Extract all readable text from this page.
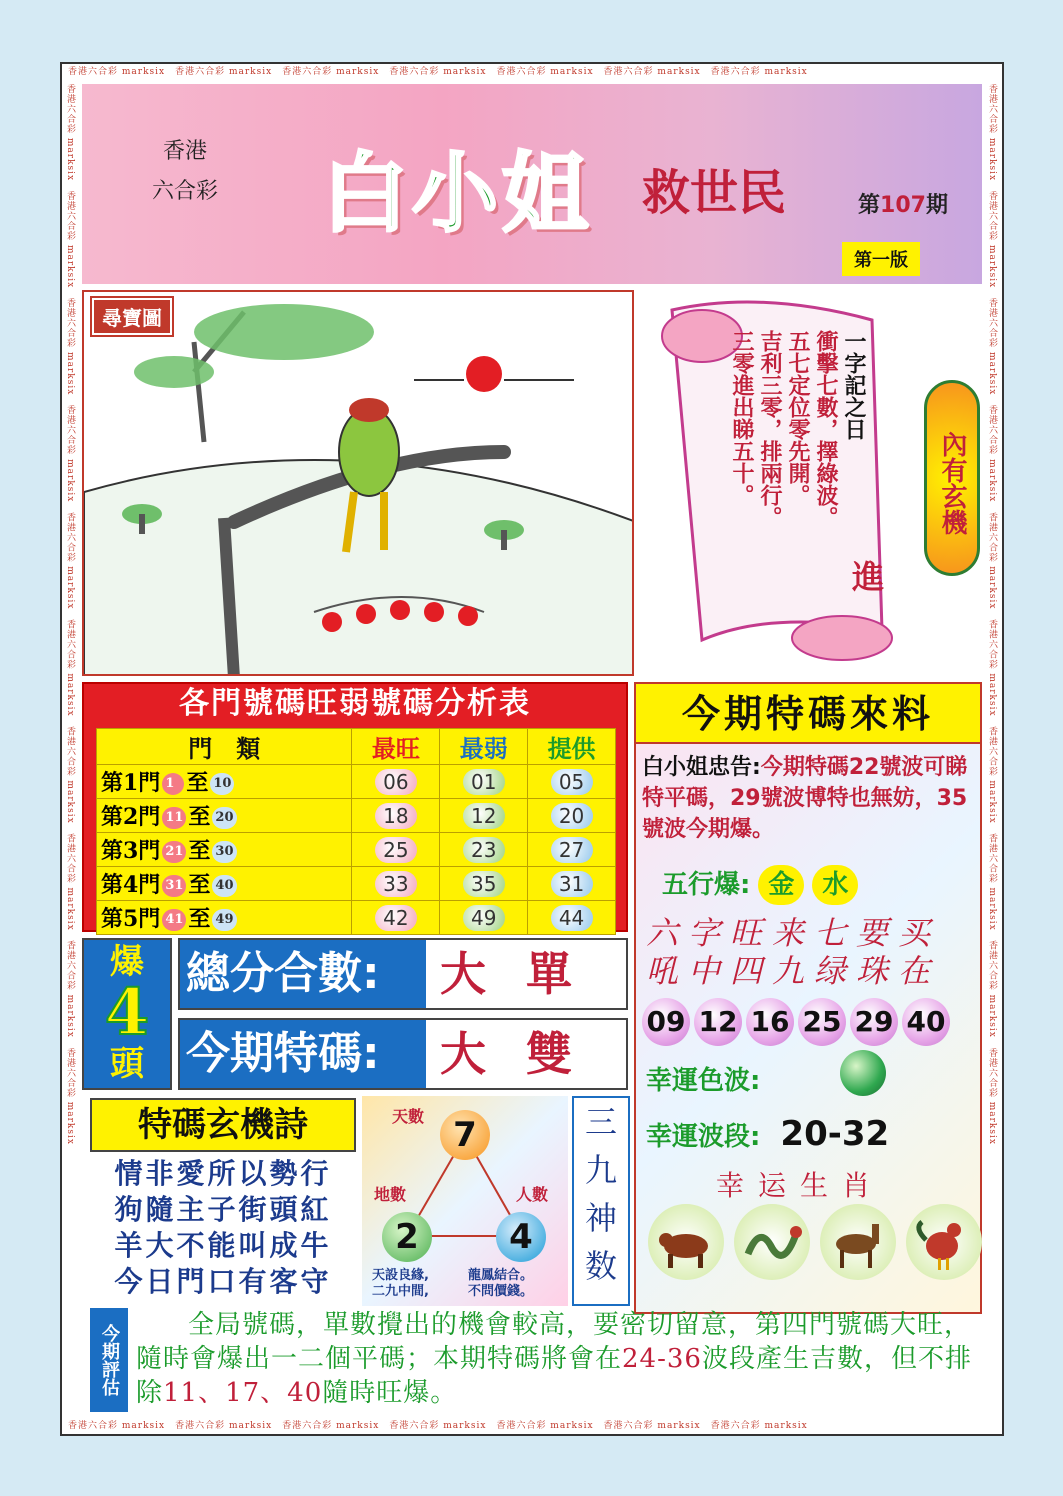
香港六合彩 marksix　 香港六合彩 marksix　 香港六合彩 marksix　 香港六合彩 marksix　 香港六合彩 marksix　 香港六合彩 marksix　 香港六合彩 marksix
香港六合彩 marksix　 香港六合彩 marksix　 香港六合彩 marksix　 香港六合彩 marksix　 香港六合彩 marksix　 香港六合彩 marksix　 香港六合彩 marksix
香港六合彩 marksix　香港六合彩 marksix　香港六合彩 marksix　香港六合彩 marksix　香港六合彩 marksix　香港六合彩 marksix　香港六合彩 marksix　香港六合彩 marksix　香港六合彩 marksix　香港六合彩 marksix
香港六合彩 marksix　香港六合彩 marksix　香港六合彩 marksix　香港六合彩 marksix　香港六合彩 marksix　香港六合彩 marksix　香港六合彩 marksix　香港六合彩 marksix　香港六合彩 marksix　香港六合彩 marksix
香港
六合彩 白小姐 救世民	第107期
第一版
尋寶圖
一字記之日
衝擊七數，擇綠波。
五七定位零先開。
吉利三零，排兩行。
三零進出睇五十。
進
內有玄機
各門號碼旺弱號碼分析表
門　類	最旺	最弱	提供
第1門 1 至 10	06	01	05
第2門 11 至 20	18	12	20
第3門 21 至 30	25	23	27
第4門 31 至 40	33	35	31
第5門 41 至 49	42	49	44
今期特碼來料
白小姐忠告:今期特碼22號波可睇特平碼，29號波博特也無妨，35號波今期爆。
五行爆: 金 水
六字旺来七要买吼中四九绿珠在
09 12 16 25 29 40
幸運色波:
幸運波段: 20-32
幸运生肖

爆
4
頭
總分合數:	大單
今期特碼:	大雙
特碼玄機詩
情非愛所以勢行
狗隨主子街頭紅
羊大不能叫成牛
今日門口有客守
天數 7
地數
2
人數
4
天設良緣,
二九中間,
龍鳳結合。
不問價錢。
三
九
神
数
今期評估	全局號碼，單數攪出的機會較高，要密切留意，第四門號碼大旺，隨時會爆出一二個平碼；本期特碼將會在24-36波段產生吉數，但不排除11、17、40隨時旺爆。
